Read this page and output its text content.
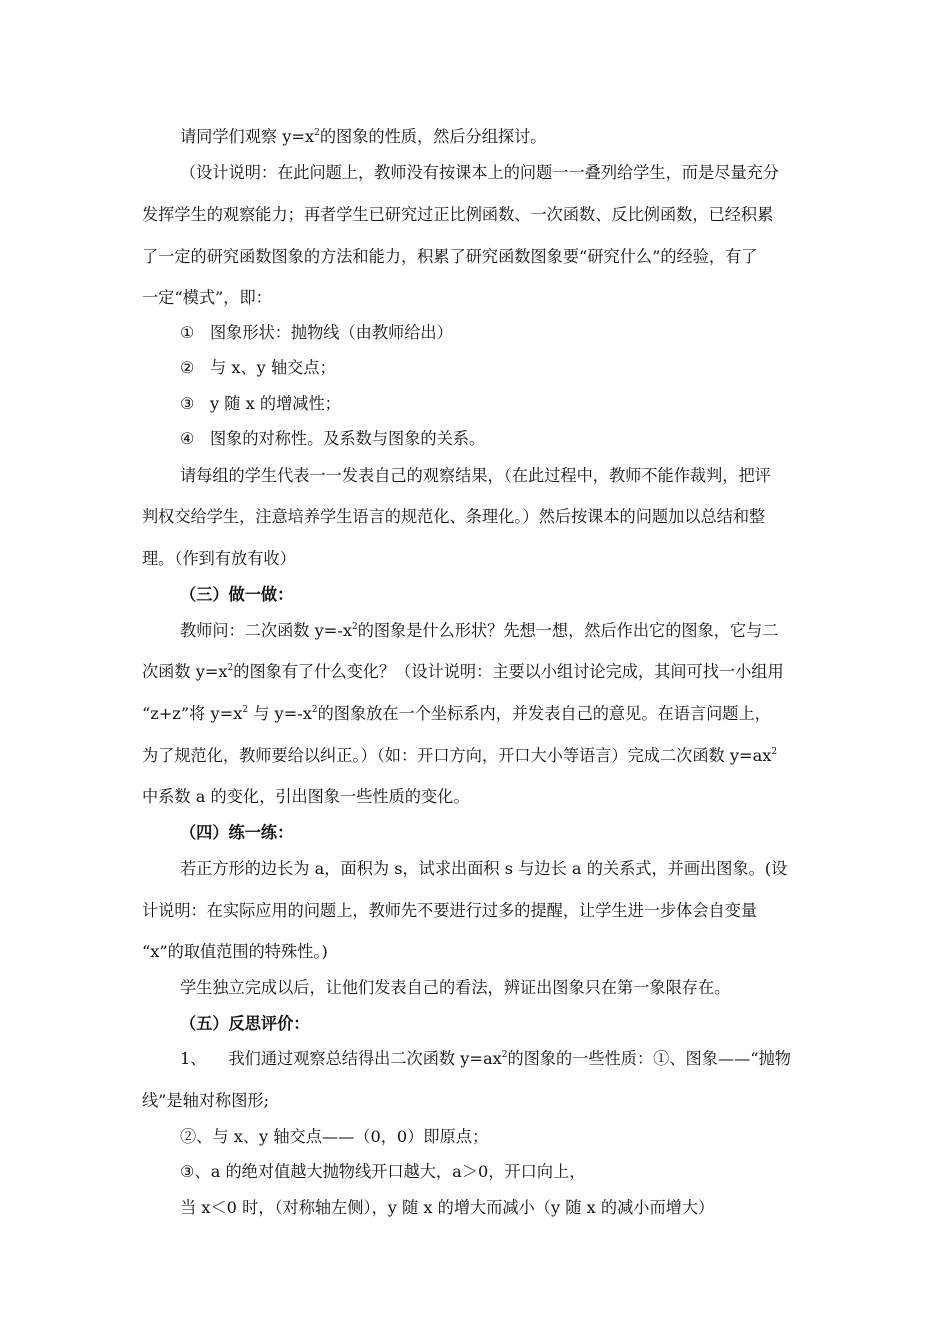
请同学们观察 $y=x^2$的图象的性质，然后分组探讨。
（设计说明：在此问题上，教师没有按课本上的问题一一叠列给学生，而是尽量充分
发挥学生的观察能力；再者学生已研究过正比例函数、一次函数、反比例函数，已经积累
了一定的研究函数图象的方法和能力，积累了研究函数图象要“研究什么”的经验，有了
一定“模式”，即：
① 图象形状：抛物线（由教师给出）
② 与 x、y 轴交点；
③ y 随 x 的增减性；
④ 图象的对称性。及系数与图象的关系。
请每组的学生代表一一发表自己的观察结果，（在此过程中，教师不能作裁判，把评
判权交给学生，注意培养学生语言的规范化、条理化。）然后按课本的问题加以总结和整
理。（作到有放有收）
（三）做一做：
教师问：二次函数 $y=-x^2$的图象是什么形状？先想一想，然后作出它的图象，它与二
次函数 $y=x^2$的图象有了什么变化？（设计说明：主要以小组讨论完成，其间可找一小组用
“z+z”将 $y=x^2$ 与 $y=-x^2$的图象放在一个坐标系内，并发表自己的意见。在语言问题上，
为了规范化，教师要给以纠正。）（如：开口方向，开口大小等语言）完成二次函数 $y=ax^2$
中系数 a 的变化，引出图象一些性质的变化。
（四）练一练：
若正方形的边长为 a，面积为 s，试求出面积 s 与边长 a 的关系式，并画出图象。(设
计说明：在实际应用的问题上，教师先不要进行过多的提醒，让学生进一步体会自变量
“x”的取值范围的特殊性。)
学生独立完成以后，让他们发表自己的看法，辨证出图象只在第一象限存在。
（五）反思评价：
1、 我们通过观察总结得出二次函数 $y=ax^2$的图象的一些性质：①、图象——“抛物
线”是轴对称图形;
②、与 x、y 轴交点——（0，0）即原点；
③、a 的绝对值越大抛物线开口越大，a＞0，开口向上，
当 x＜0 时，（对称轴左侧），y 随 x 的增大而减小（y 随 x 的减小而增大）
